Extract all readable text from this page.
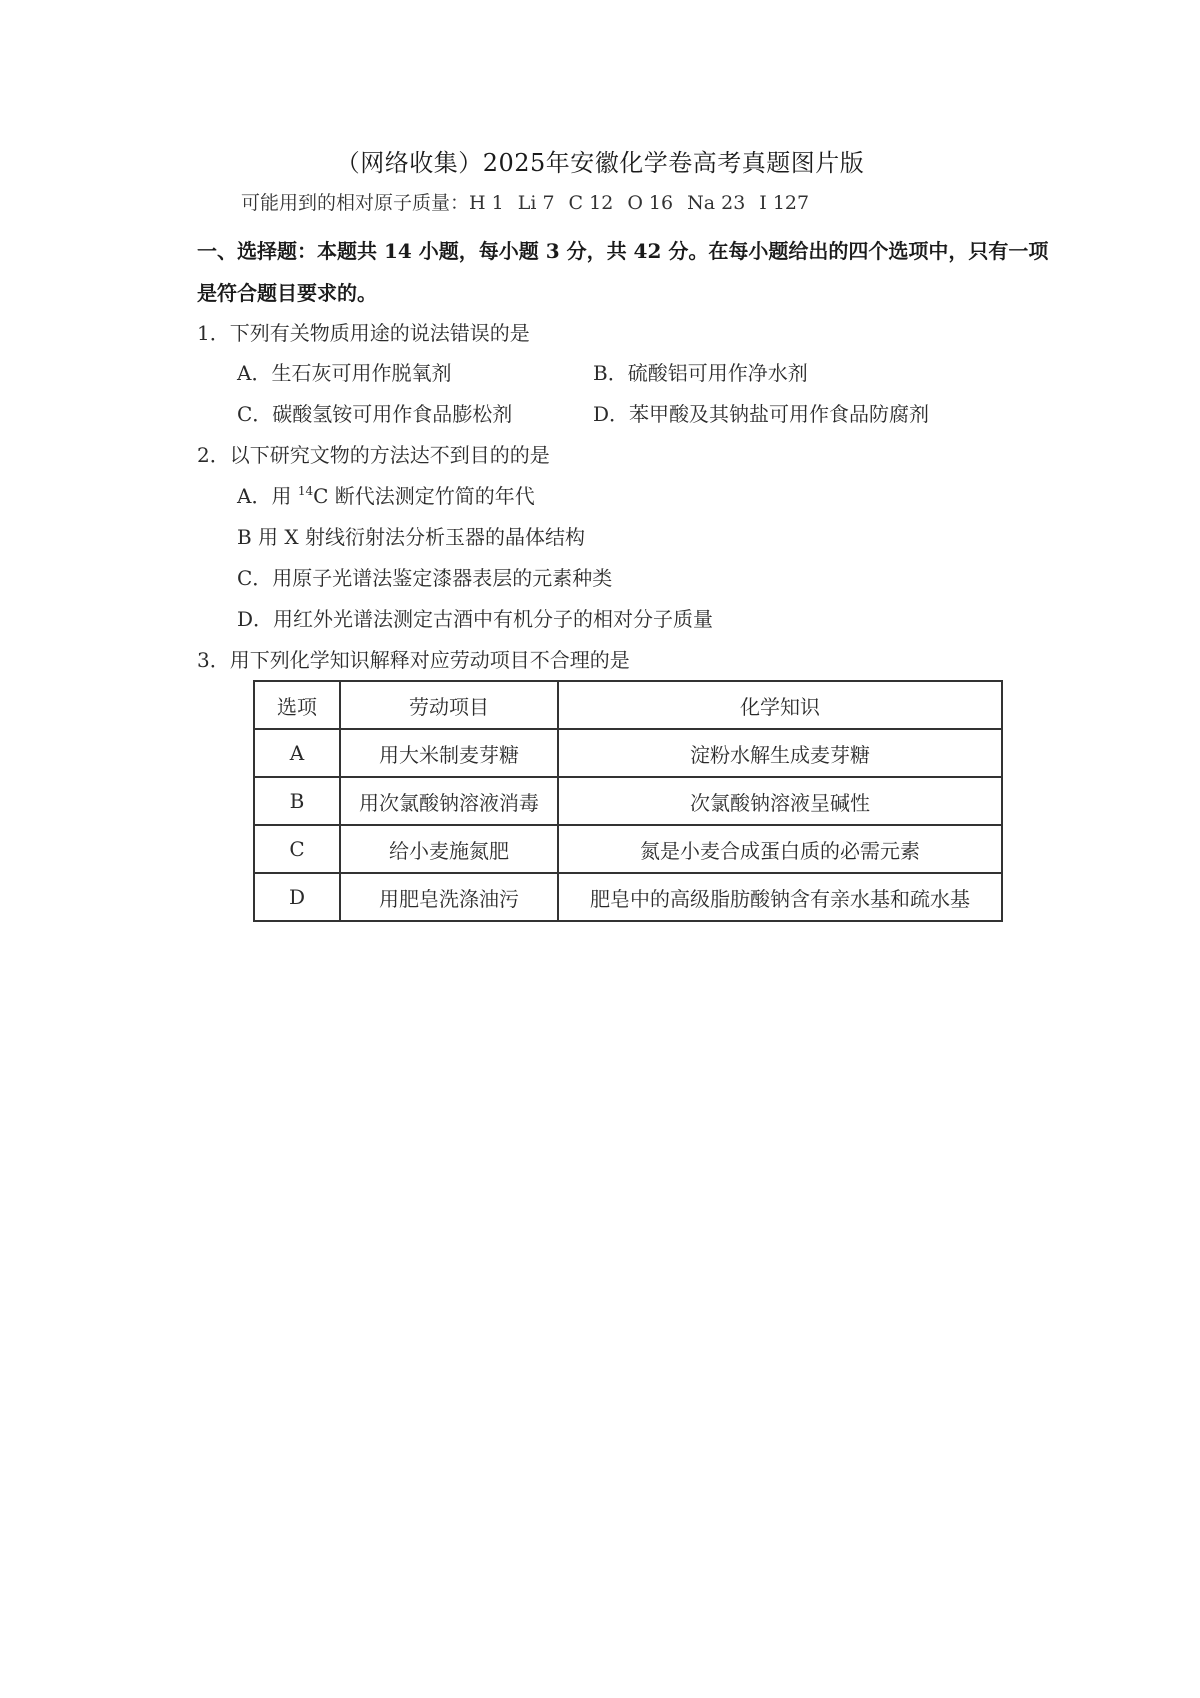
（网络收集）2025年安徽化学卷高考真题图片版
可能用到的相对原子质量：H 1 Li 7 C 12 O 16 Na 23 I 127
一、选择题：本题共 14 小题，每小题 3 分，共 42 分。在每小题给出的四个选项中，只有一项是符合题目要求的。
1．下列有关物质用途的说法错误的是
A．生石灰可用作脱氧剂	B．硫酸铝可用作净水剂
C．碳酸氢铵可用作食品膨松剂	D．苯甲酸及其钠盐可用作食品防腐剂
2．以下研究文物的方法达不到目的的是
A．用 $^{14}$C 断代法测定竹简的年代
B 用 X 射线衍射法分析玉器的晶体结构
C．用原子光谱法鉴定漆器表层的元素种类
D．用红外光谱法测定古酒中有机分子的相对分子质量
3．用下列化学知识解释对应劳动项目不合理的是
选项	劳动项目	化学知识
A	用大米制麦芽糖	淀粉水解生成麦芽糖
B	用次氯酸钠溶液消毒	次氯酸钠溶液呈碱性
C	给小麦施氮肥	氮是小麦合成蛋白质的必需元素
D	用肥皂洗涤油污	肥皂中的高级脂肪酸钠含有亲水基和疏水基
